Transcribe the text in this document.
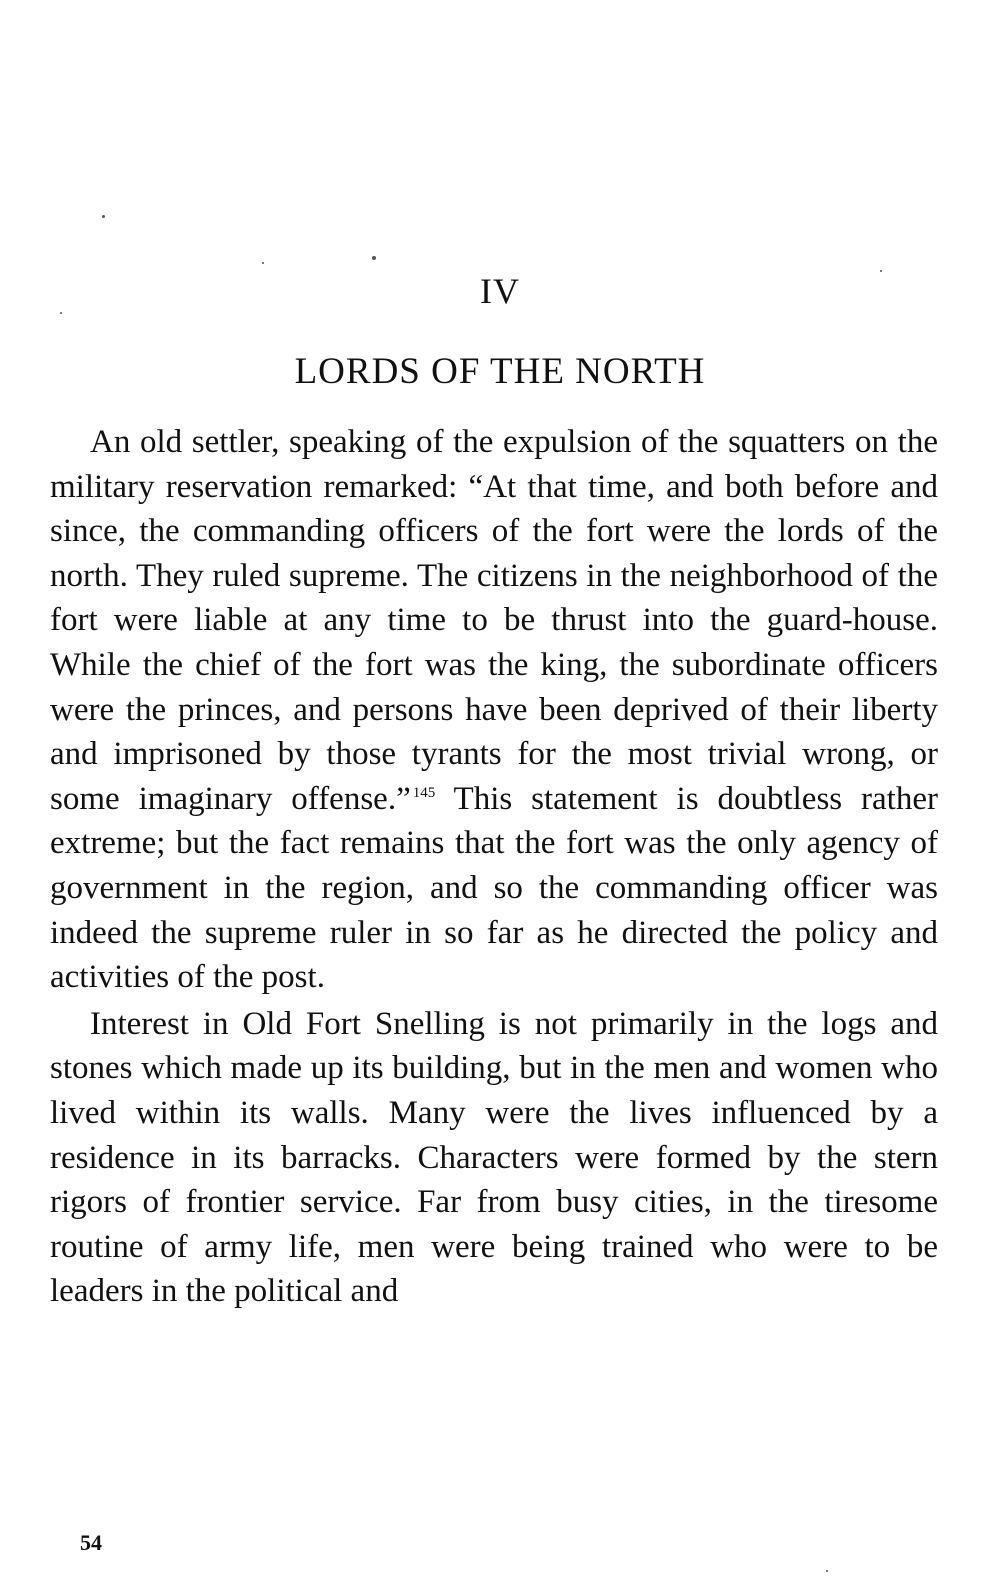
IV
LORDS OF THE NORTH

An old settler, speaking of the expulsion of the squatters on the military reservation remarked: “At that time, and both before and since, the commanding officers of the fort were the lords of the north. They ruled supreme. The citizens in the neighborhood of the fort were liable at any time to be thrust into the guard-house. While the chief of the fort was the king, the subordinate officers were the princes, and persons have been deprived of their liberty and imprisoned by those tyrants for the most trivial wrong, or some imaginary offense.” $^{145}$ This statement is doubtless rather extreme; but the fact remains that the fort was the only agency of government in the region, and so the commanding officer was indeed the supreme ruler in so far as he directed the policy and activities of the post.

Interest in Old Fort Snelling is not primarily in the logs and stones which made up its building, but in the men and women who lived within its walls. Many were the lives influenced by a residence in its barracks. Characters were formed by the stern rigors of frontier service. Far from busy cities, in the tiresome routine of army life, men were being trained who were to be leaders in the political and

54
